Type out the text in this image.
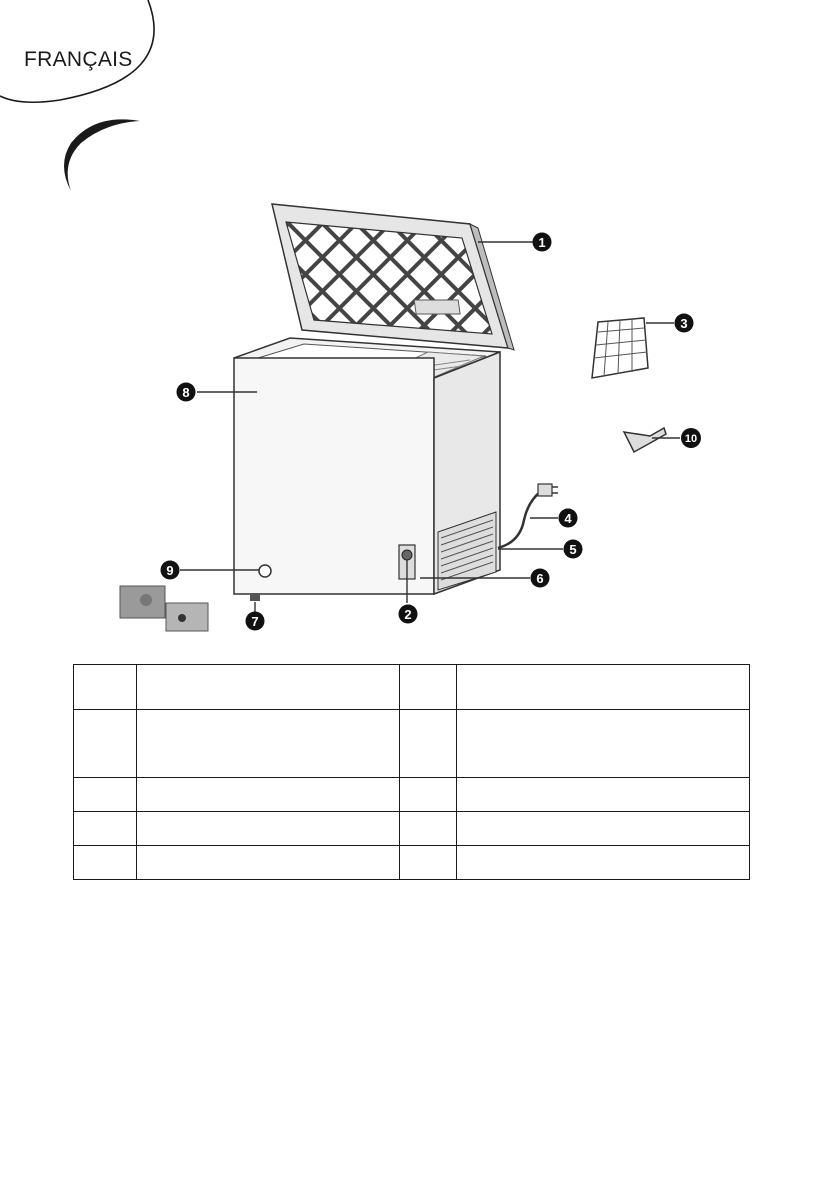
FRANÇAIS
1
2
3
4
5
6
7
8
9
10
